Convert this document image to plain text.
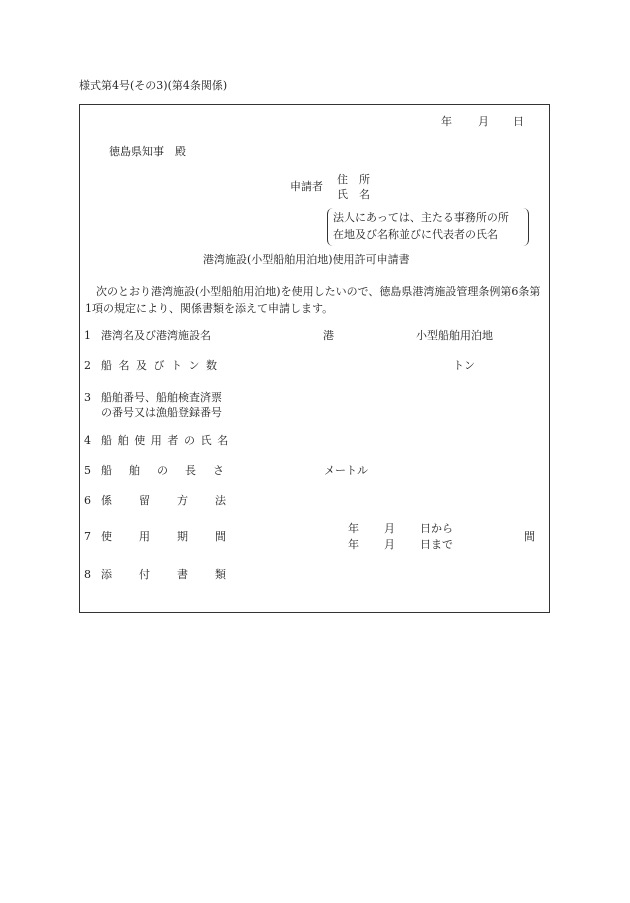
様式第4号(その3)(第4条関係)
年 月 日
徳島県知事　殿
申請者
住 所
氏 名
法人にあっては、主たる事務所の所
在地及び名称並びに代表者の氏名
港湾施設(小型船舶用泊地)使用許可申請書
次のとおり港湾施設(小型船舶用泊地)を使用したいので、徳島県港湾施設管理条例第6条第1項の規定により、関係書類を添えて申請します。
1 港湾名及び港湾施設名	港	小型船舶用泊地
2 船名及びトン数	トン
3 船舶番号、船舶検査済票
の番号又は漁船登録番号
4 船舶使用者の氏名
5 船舶の長さ	メートル
6 係留方法
7 使用期間
年 月 日から
年 月 日まで
間
8 添付書類
